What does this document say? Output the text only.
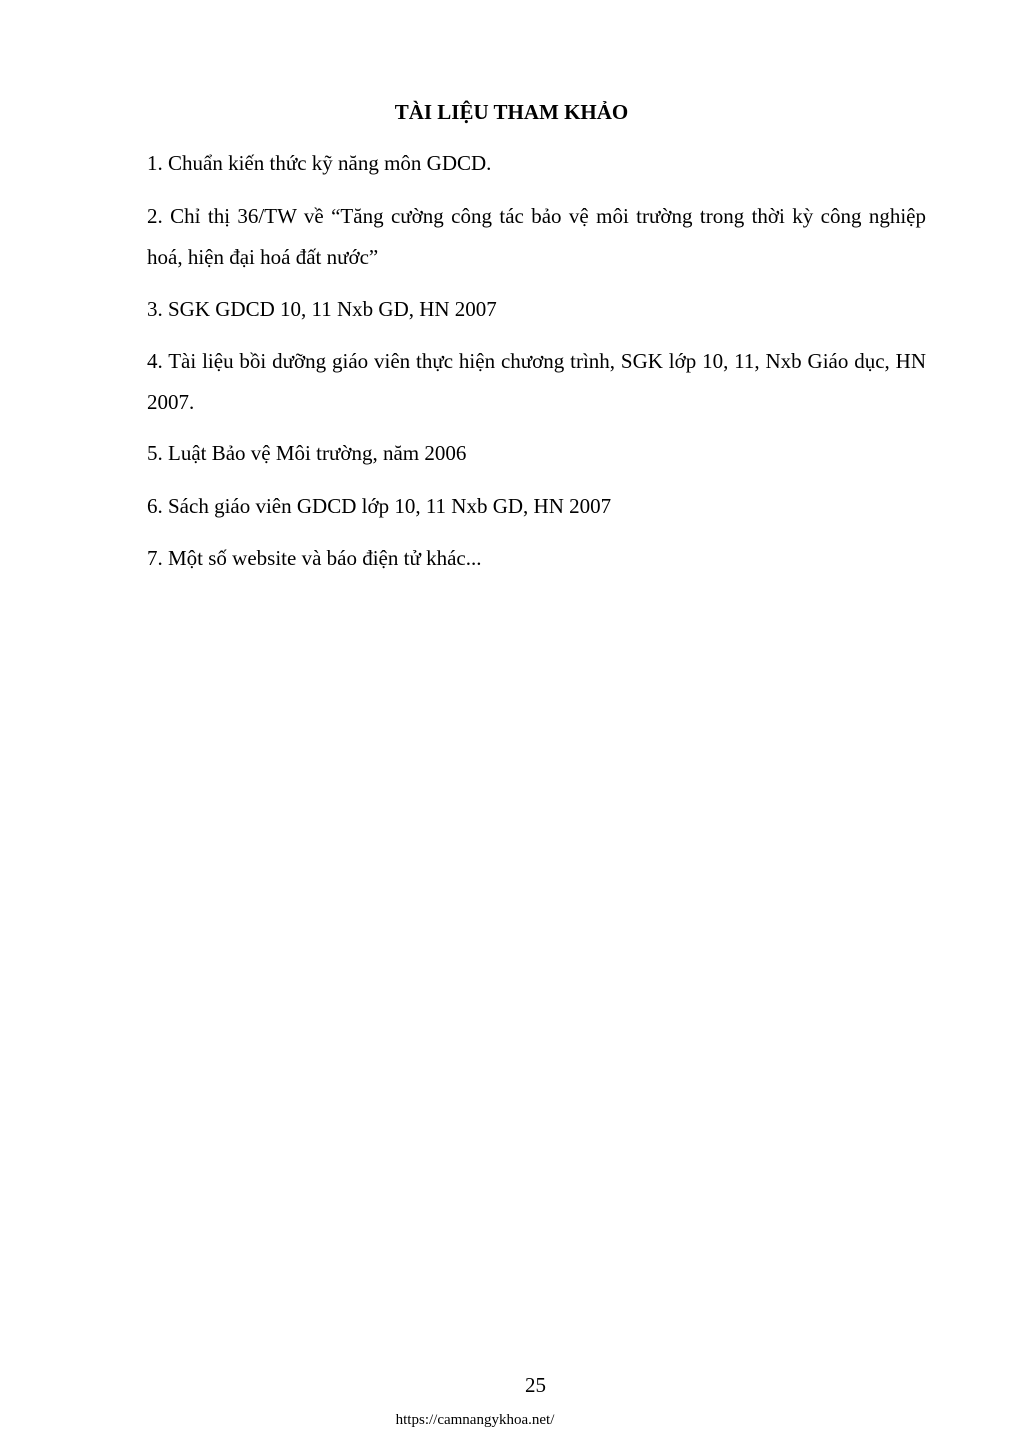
TÀI LIỆU THAM KHẢO

1. Chuẩn kiến thức kỹ năng môn GDCD.

2. Chỉ thị 36/TW về “Tăng cường công tác bảo vệ môi trường trong thời kỳ công nghiệp hoá, hiện đại hoá đất nước”

3. SGK GDCD 10, 11 Nxb GD, HN 2007

4. Tài liệu bồi dưỡng giáo viên thực hiện chương trình, SGK lớp 10, 11, Nxb Giáo dục, HN 2007.

5. Luật Bảo vệ Môi trường, năm 2006

6. Sách giáo viên GDCD lớp 10, 11 Nxb GD, HN 2007

7. Một số website và báo điện tử khác...

25
https://camnangykhoa.net/
